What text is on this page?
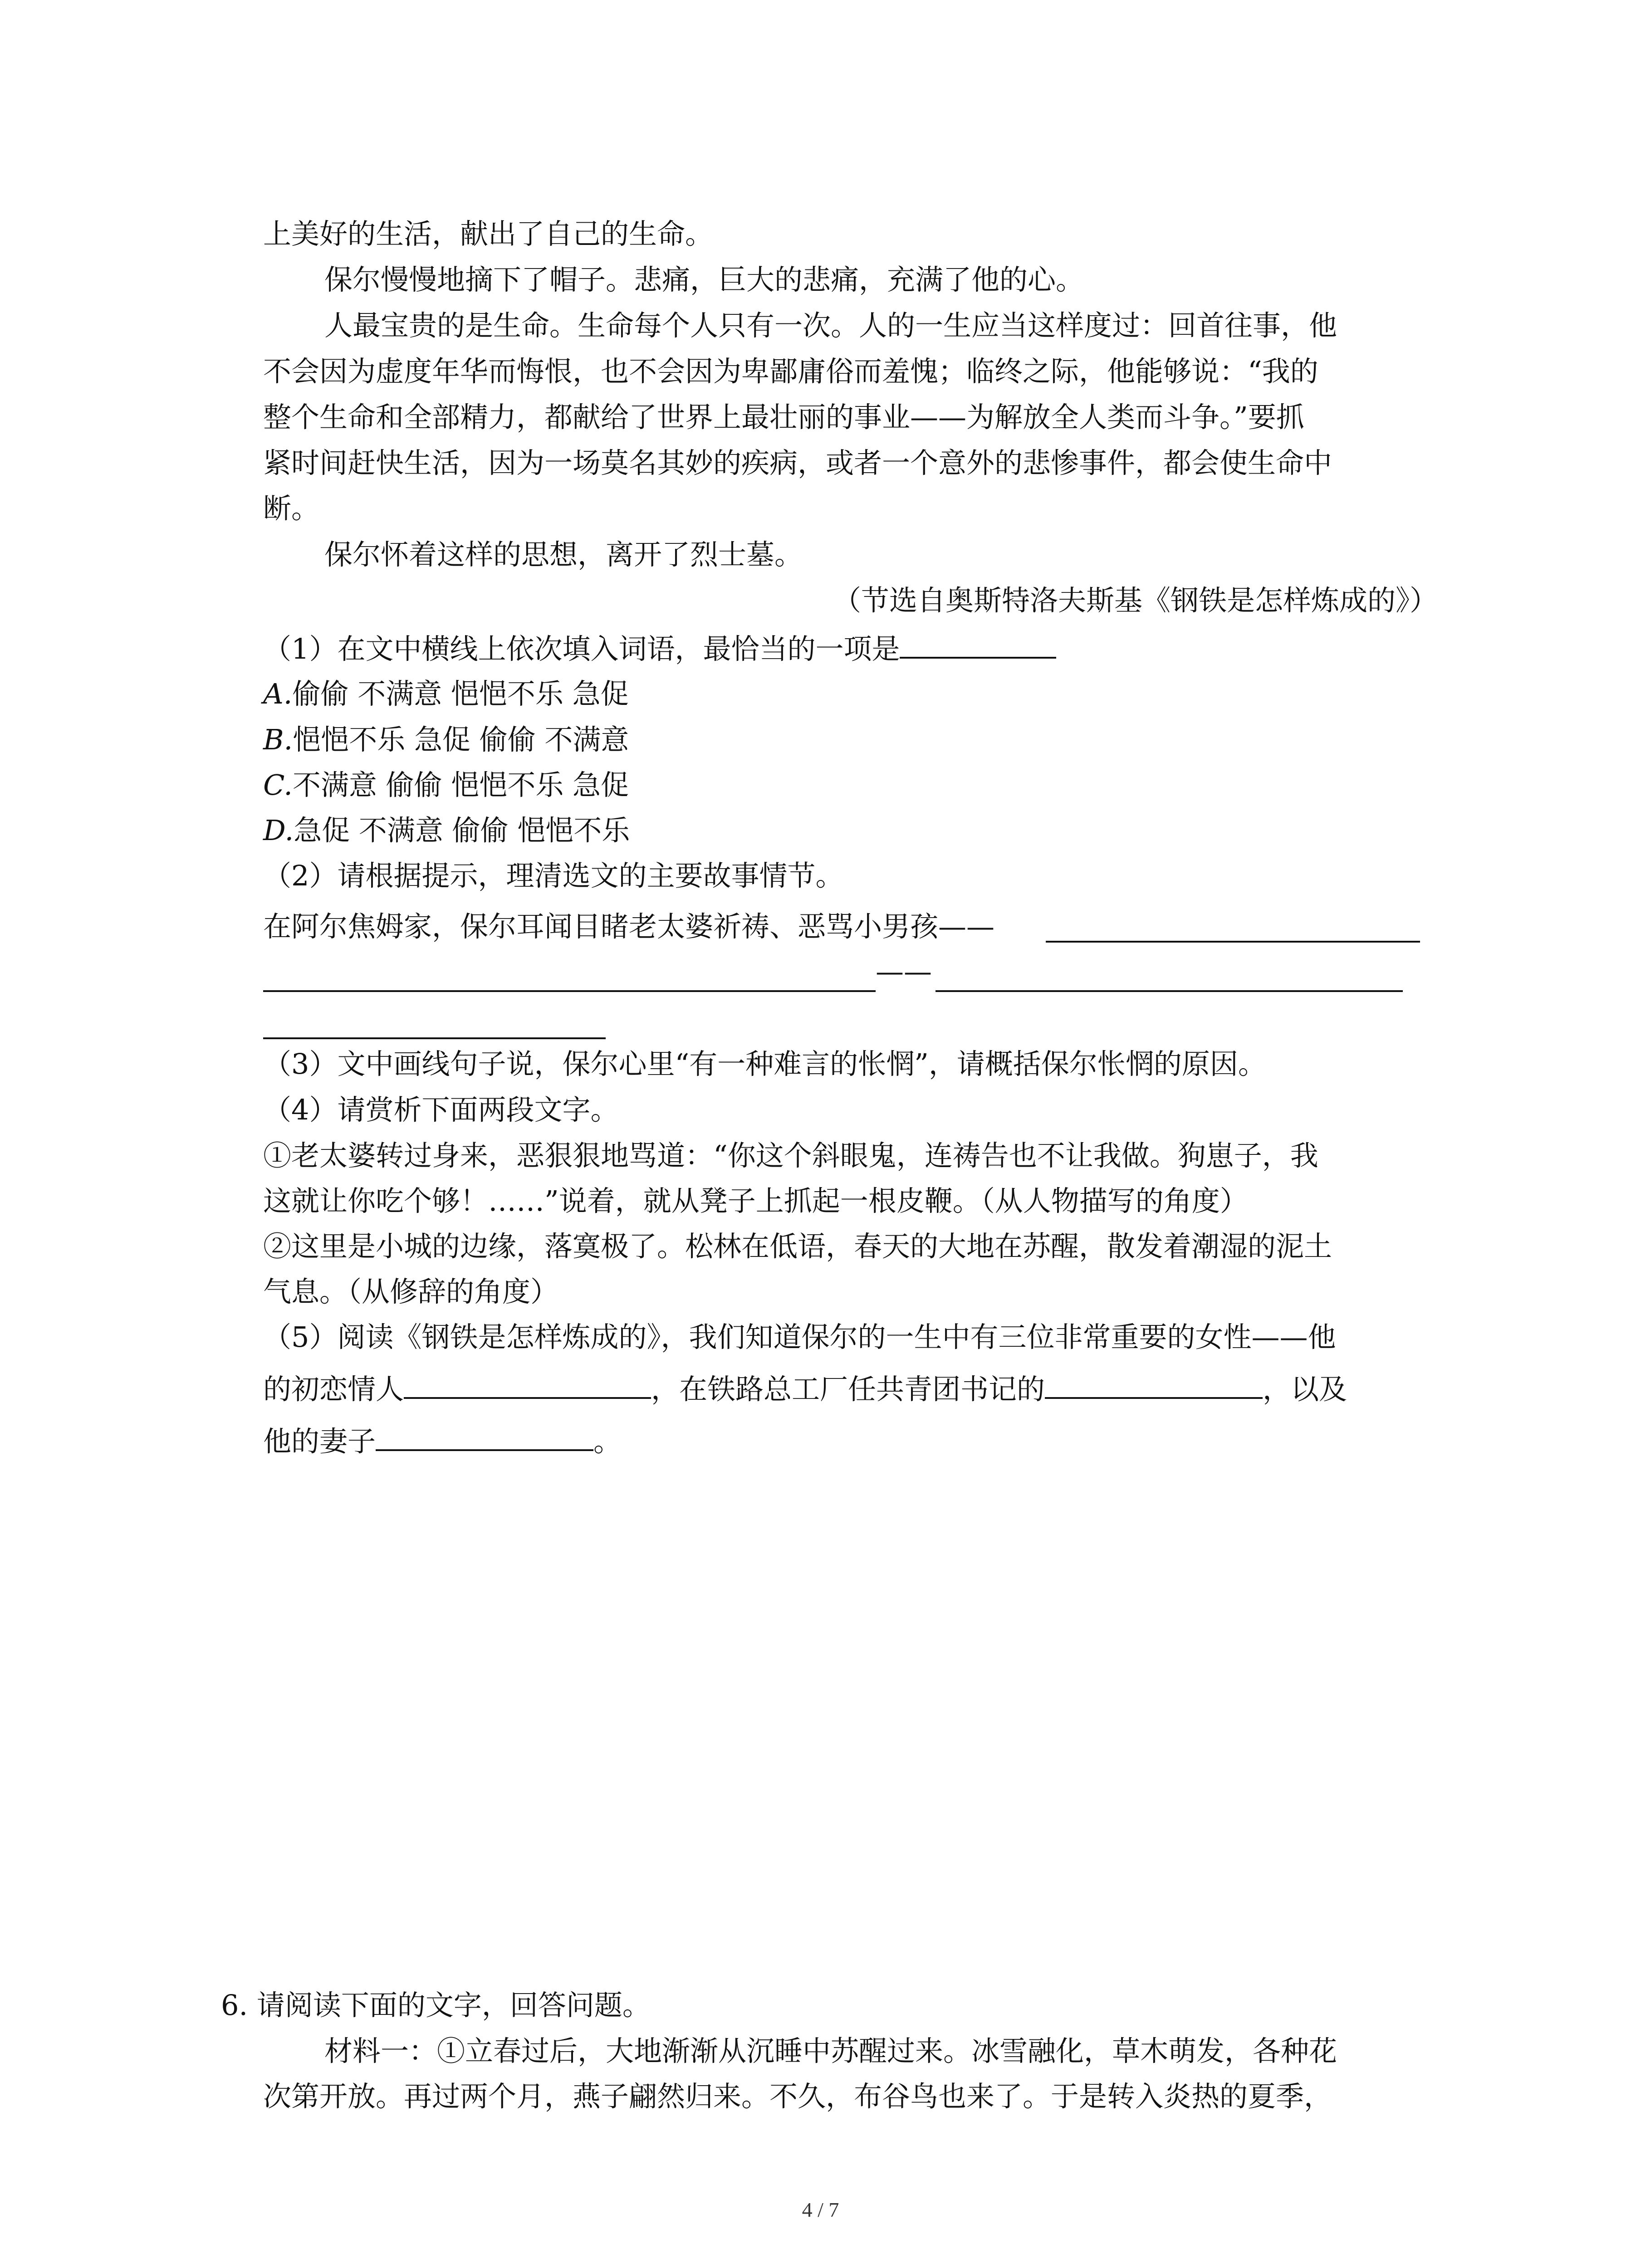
上美好的生活，献出了自己的生命。
保尔慢慢地摘下了帽子。悲痛，巨大的悲痛，充满了他的心。
人最宝贵的是生命。生命每个人只有一次。人的一生应当这样度过：回首往事，他
不会因为虚度年华而悔恨，也不会因为卑鄙庸俗而羞愧；临终之际，他能够说：“我的
整个生命和全部精力，都献给了世界上最壮丽的事业——为解放全人类而斗争。”要抓
紧时间赶快生活，因为一场莫名其妙的疾病，或者一个意外的悲惨事件，都会使生命中
断。
保尔怀着这样的思想，离开了烈士墓。
（节选自奥斯特洛夫斯基《钢铁是怎样炼成的》）
（1）在文中横线上依次填入词语，最恰当的一项是
A.偷偷 不满意 悒悒不乐 急促
B.悒悒不乐 急促 偷偷 不满意
C.不满意 偷偷 悒悒不乐 急促
D.急促 不满意 偷偷 悒悒不乐
（2）请根据提示，理清选文的主要故事情节。
在阿尔焦姆家，保尔耳闻目睹老太婆祈祷、恶骂小男孩——
——
（3）文中画线句子说，保尔心里“有一种难言的怅惘”，请概括保尔怅惘的原因。
（4）请赏析下面两段文字。
①老太婆转过身来，恶狠狠地骂道：“你这个斜眼鬼，连祷告也不让我做。狗崽子，我
这就让你吃个够！……”说着，就从凳子上抓起一根皮鞭。（从人物描写的角度）
②这里是小城的边缘，落寞极了。松林在低语，春天的大地在苏醒，散发着潮湿的泥土
气息。（从修辞的角度）
（5）阅读《钢铁是怎样炼成的》，我们知道保尔的一生中有三位非常重要的女性——他
的初恋情人	，在铁路总工厂任共青团书记的	，以及
他的妻子	。
6. 请阅读下面的文字，回答问题。
材料一：①立春过后，大地渐渐从沉睡中苏醒过来。冰雪融化，草木萌发，各种花
次第开放。再过两个月，燕子翩然归来。不久，布谷鸟也来了。于是转入炎热的夏季，
4 / 7
